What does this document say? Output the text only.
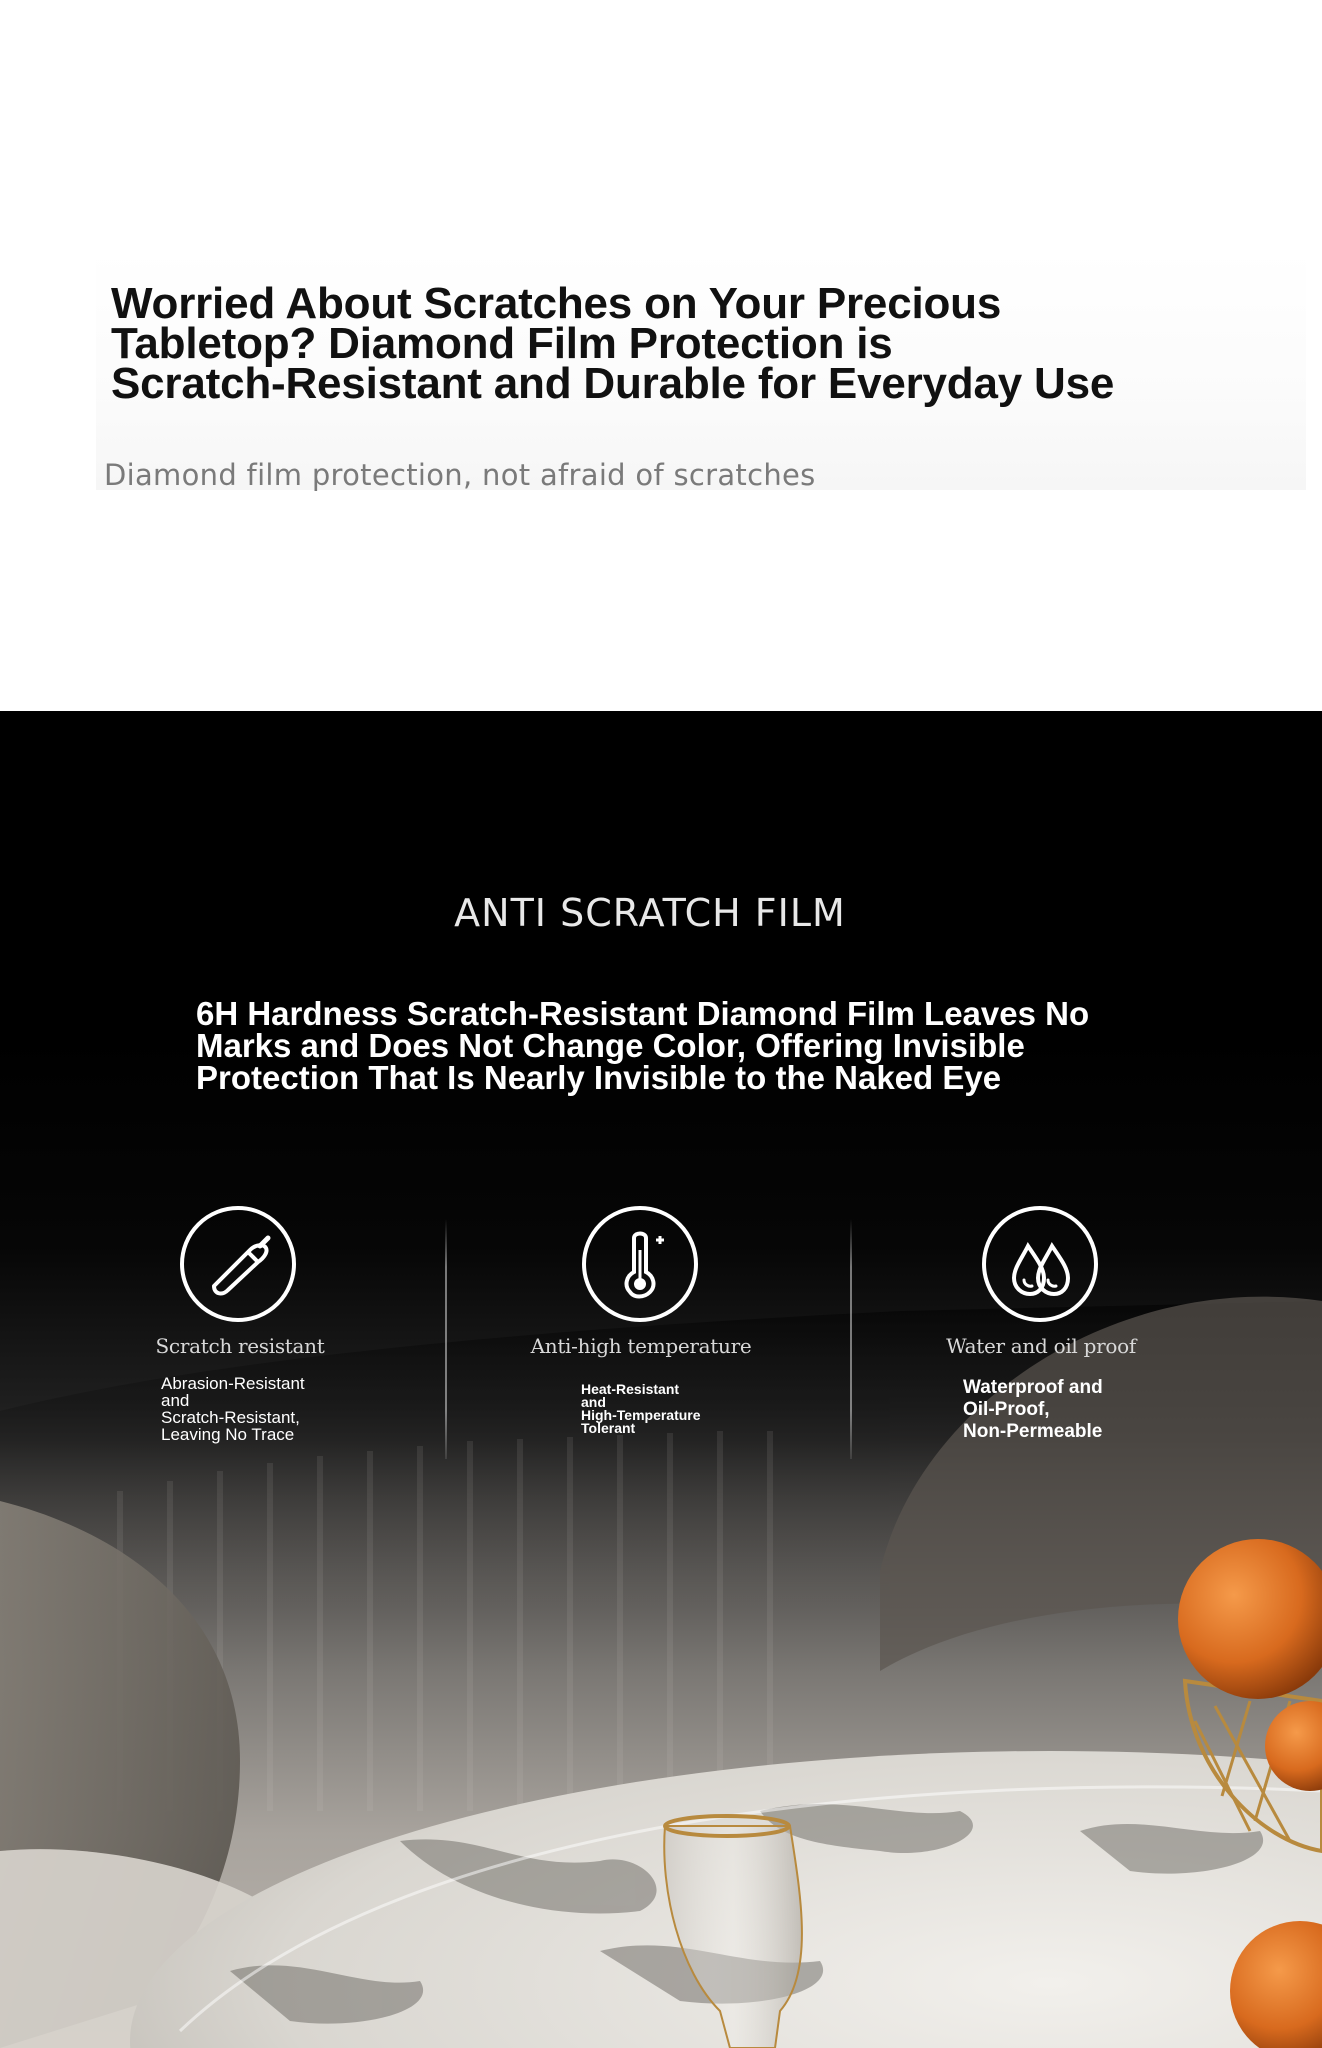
Worried About Scratches on Your Precious
Tabletop? Diamond Film Protection is
Scratch-Resistant and Durable for Everyday Use

Diamond film protection, not afraid of scratches

ANTI SCRATCH FILM
6H Hardness Scratch-Resistant Diamond Film Leaves No
Marks and Does Not Change Color, Offering Invisible
Protection That Is Nearly Invisible to the Naked Eye

Scratch resistant

Abrasion-Resistant
and
Scratch-Resistant,
Leaving No Trace

Anti-high temperature

Heat-Resistant
and
High-Temperature
Tolerant

Water and oil proof

Waterproof and
Oil-Proof,
Non-Permeable
